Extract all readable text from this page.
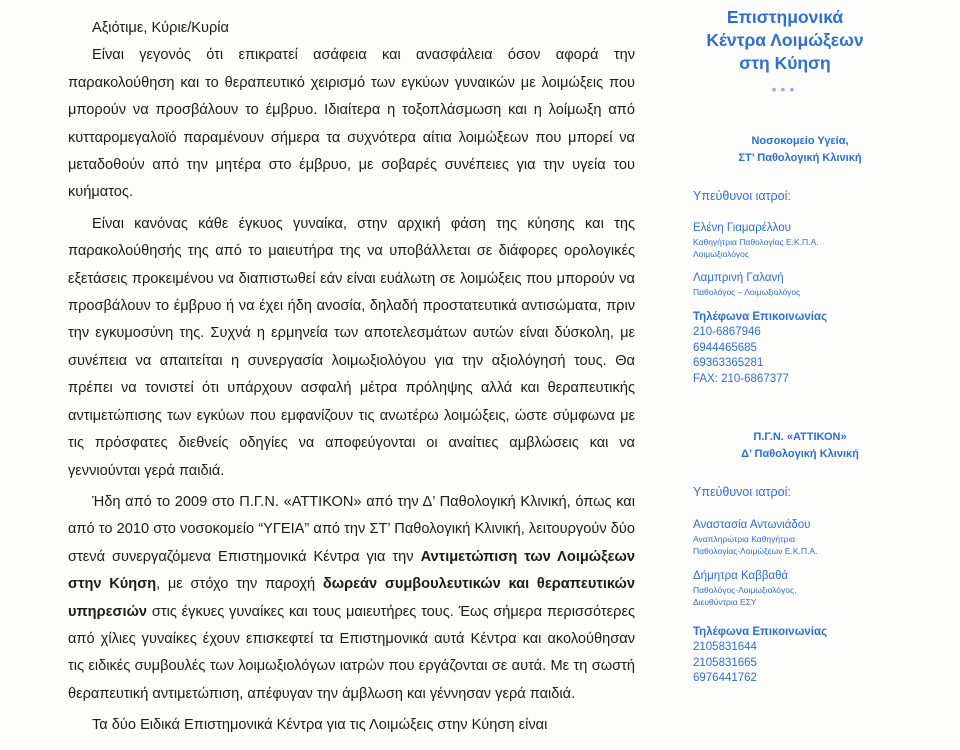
Αξιότιμε, Κύριε/Κυρία

Είναι γεγονός ότι επικρατεί ασάφεια και ανασφάλεια όσον αφορά την παρακολούθηση και το θεραπευτικό χειρισμό των εγκύων γυναικών με λοιμώξεις που μπορούν να προσβάλουν το έμβρυο. Ιδιαίτερα η τοξοπλάσμωση και η λοίμωξη από κυτταρομεγαλοϊό παραμένουν σήμερα τα συχνότερα αίτια λοιμώξεων που μπορεί να μεταδοθούν από την μητέρα στο έμβρυο, με σοβαρές συνέπειες για την υγεία του κυήματος.

Είναι κανόνας κάθε έγκυος γυναίκα, στην αρχική φάση της κύησης και της παρακολούθησής της από το μαιευτήρα της να υποβάλλεται σε διάφορες ορολογικές εξετάσεις προκειμένου να διαπιστωθεί εάν είναι ευάλωτη σε λοιμώξεις που μπορούν να προσβάλουν το έμβρυο ή να έχει ήδη ανοσία, δηλαδή προστατευτικά αντισώματα, πριν την εγκυμοσύνη της. Συχνά η ερμηνεία των αποτελεσμάτων αυτών είναι δύσκολη, με συνέπεια να απαιτείται η συνεργασία λοιμωξιολόγου για την αξιολόγησή τους. Θα πρέπει να τονιστεί ότι υπάρχουν ασφαλή μέτρα πρόληψης αλλά και θεραπευτικής αντιμετώπισης των εγκύων που εμφανίζουν τις ανωτέρω λοιμώξεις, ώστε σύμφωνα με τις πρόσφατες διεθνείς οδηγίες να αποφεύγονται οι αναίτιες αμβλώσεις και να γεννιούνται γερά παιδιά.

Ήδη από το 2009 στο Π.Γ.Ν. «ΑΤΤΙΚΟΝ» από την Δ’ Παθολογική Κλινική, όπως και από το 2010 στο νοσοκομείο “ΥΓΕΙΑ” από την ΣΤ’ Παθολογική Κλινική, λειτουργούν δύο στενά συνεργαζόμενα Επιστημονικά Κέντρα για την Αντιμετώπιση των Λοιμώξεων στην Κύηση, με στόχο την παροχή δωρεάν συμβουλευτικών και θεραπευτικών υπηρεσιών στις έγκυες γυναίκες και τους μαιευτήρες τους. Έως σήμερα περισσότερες από χίλιες γυναίκες έχουν επισκεφτεί τα Επιστημονικά αυτά Κέντρα και ακολούθησαν τις ειδικές συμβουλές των λοιμωξιολόγων ιατρών που εργάζονται σε αυτά. Με τη σωστή θεραπευτική αντιμετώπιση, απέφυγαν την άμβλωση και γέννησαν γερά παιδιά.

Τα δύο Ειδικά Επιστημονικά Κέντρα για τις Λοιμώξεις στην Κύηση είναι

Επιστημονικά
Κέντρα Λοιμώξεων
στη Κύηση
•••
Νοσοκομείο Υγεία,
ΣΤ’ Παθολογική Κλινική
Υπεύθυνοι ιατροί:
Ελένη Γιαμαρέλλου
Καθηγήτρια Παθολογίας Ε.Κ.Π.Α.
Λοιμωξιολόγος
Λαμπρινή Γαλανή
Παθολόγος – Λοιμωξιολόγος
Τηλέφωνα Επικοινωνίας
210-6867946
6944465685
69363365281
FAX: 210-6867377
Π.Γ.Ν. «ΑΤΤΙΚΟΝ»
Δ’ Παθολογική Κλινική
Υπεύθυνοι ιατροί:
Αναστασία Αντωνιάδου
Αναπληρώτρια Καθηγήτρια
Παθολογίας-Λοιμώξεων Ε.Κ.Π.Α.
Δήμητρα Καββαθά
Παθολόγος-Λοιμωξιολόγος,
Διευθύντρια ΕΣΥ
Τηλέφωνα Επικοινωνίας
2105831644
2105831665
6976441762
